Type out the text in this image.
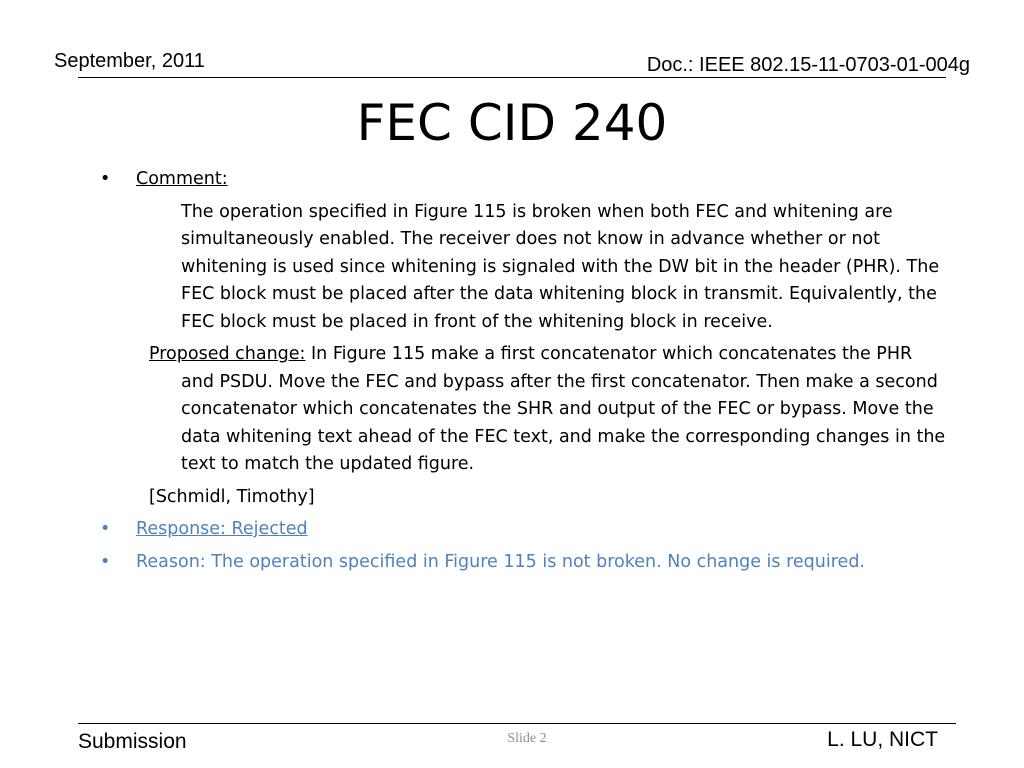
September, 2011	Doc.: IEEE 802.15-11-0703-01-004g
FEC CID 240
• Comment:
The operation specified in Figure 115 is broken when both FEC and whitening are simultaneously enabled. The receiver does not know in advance whether or not whitening is used since whitening is signaled with the DW bit in the header (PHR). The FEC block must be placed after the data whitening block in transmit. Equivalently, the FEC block must be placed in front of the whitening block in receive.
Proposed change: In Figure 115 make a first concatenator which concatenates the PHR and PSDU. Move the FEC and bypass after the first concatenator. Then make a second concatenator which concatenates the SHR and output of the FEC or bypass. Move the data whitening text ahead of the FEC text, and make the corresponding changes in the text to match the updated figure.
[Schmidl, Timothy]
• Response: Rejected
• Reason: The operation specified in Figure 115 is not broken. No change is required.
Submission	Slide 2	L. LU, NICT
